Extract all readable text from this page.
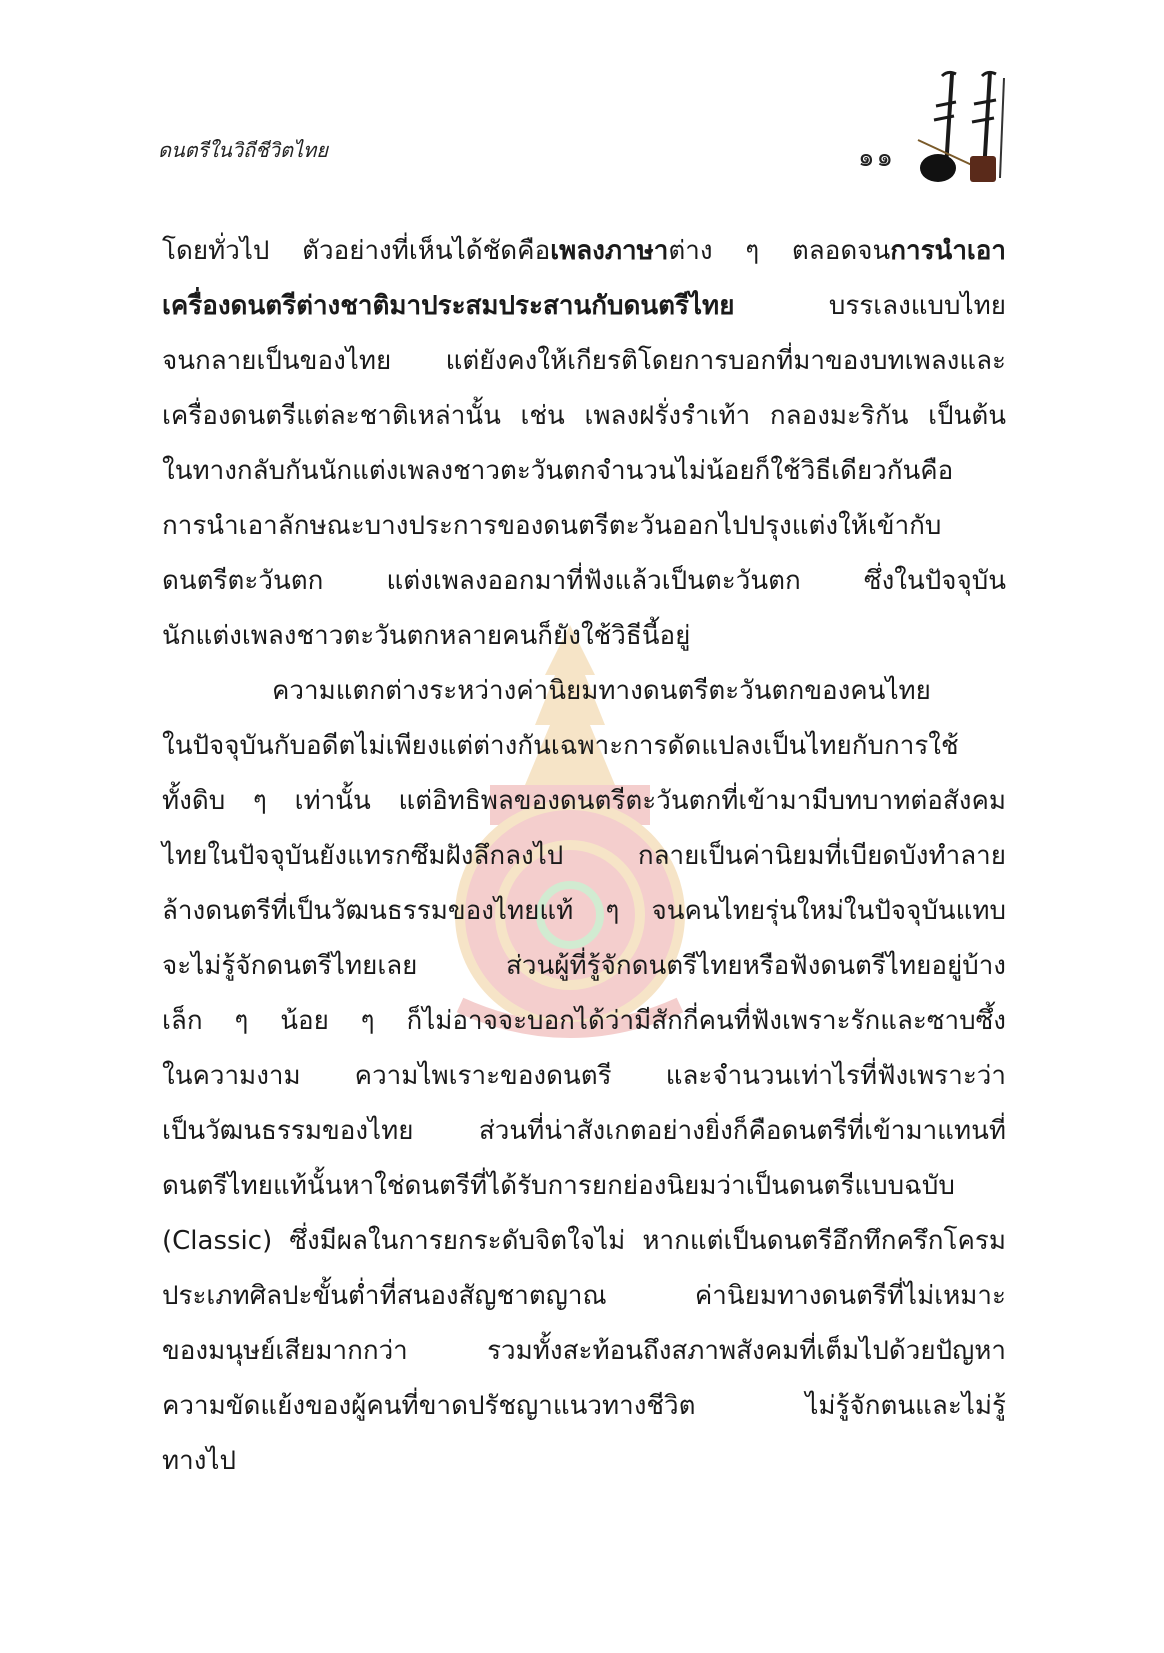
ดนตรีในวิถีชีวิตไทย	๑๑
โดยทั่วไป ตัวอย่างที่เห็นได้ชัดคือเพลงภาษาต่าง ๆ ตลอดจนการนำเอา
เครื่องดนตรีต่างชาติมาประสมประสานกับดนตรีไทย บรรเลงแบบไทย
จนกลายเป็นของไทย แต่ยังคงให้เกียรติโดยการบอกที่มาของบทเพลงและ
เครื่องดนตรีแต่ละชาติเหล่านั้น เช่น เพลงฝรั่งรำเท้า กลองมะริกัน เป็นต้น
ในทางกลับกันนักแต่งเพลงชาวตะวันตกจำนวนไม่น้อยก็ใช้วิธีเดียวกันคือ
การนำเอาลักษณะบางประการของดนตรีตะวันออกไปปรุงแต่งให้เข้ากับ
ดนตรีตะวันตก แต่งเพลงออกมาที่ฟังแล้วเป็นตะวันตก ซึ่งในปัจจุบัน
นักแต่งเพลงชาวตะวันตกหลายคนก็ยังใช้วิธีนี้อยู่
ความแตกต่างระหว่างค่านิยมทางดนตรีตะวันตกของคนไทย
ในปัจจุบันกับอดีตไม่เพียงแต่ต่างกันเฉพาะการดัดแปลงเป็นไทยกับการใช้
ทั้งดิบ ๆ เท่านั้น แต่อิทธิพลของดนตรีตะวันตกที่เข้ามามีบทบาทต่อสังคม
ไทยในปัจจุบันยังแทรกซึมฝังลึกลงไป กลายเป็นค่านิยมที่เบียดบังทำลาย
ล้างดนตรีที่เป็นวัฒนธรรมของไทยแท้ ๆ จนคนไทยรุ่นใหม่ในปัจจุบันแทบ
จะไม่รู้จักดนตรีไทยเลย ส่วนผู้ที่รู้จักดนตรีไทยหรือฟังดนตรีไทยอยู่บ้าง
เล็ก ๆ น้อย ๆ ก็ไม่อาจจะบอกได้ว่ามีสักกี่คนที่ฟังเพราะรักและซาบซึ้ง
ในความงาม ความไพเราะของดนตรี และจำนวนเท่าไรที่ฟังเพราะว่า
เป็นวัฒนธรรมของไทย ส่วนที่น่าสังเกตอย่างยิ่งก็คือดนตรีที่เข้ามาแทนที่
ดนตรีไทยแท้นั้นหาใช่ดนตรีที่ได้รับการยกย่องนิยมว่าเป็นดนตรีแบบฉบับ
(Classic) ซึ่งมีผลในการยกระดับจิตใจไม่ หากแต่เป็นดนตรีอึกทึกครึกโครม
ประเภทศิลปะขั้นต่ำที่สนองสัญชาตญาณ ค่านิยมทางดนตรีที่ไม่เหมาะ
ของมนุษย์เสียมากกว่า รวมทั้งสะท้อนถึงสภาพสังคมที่เต็มไปด้วยปัญหา
ความขัดแย้งของผู้คนที่ขาดปรัชญาแนวทางชีวิต ไม่รู้จักตนและไม่รู้
ทางไป
